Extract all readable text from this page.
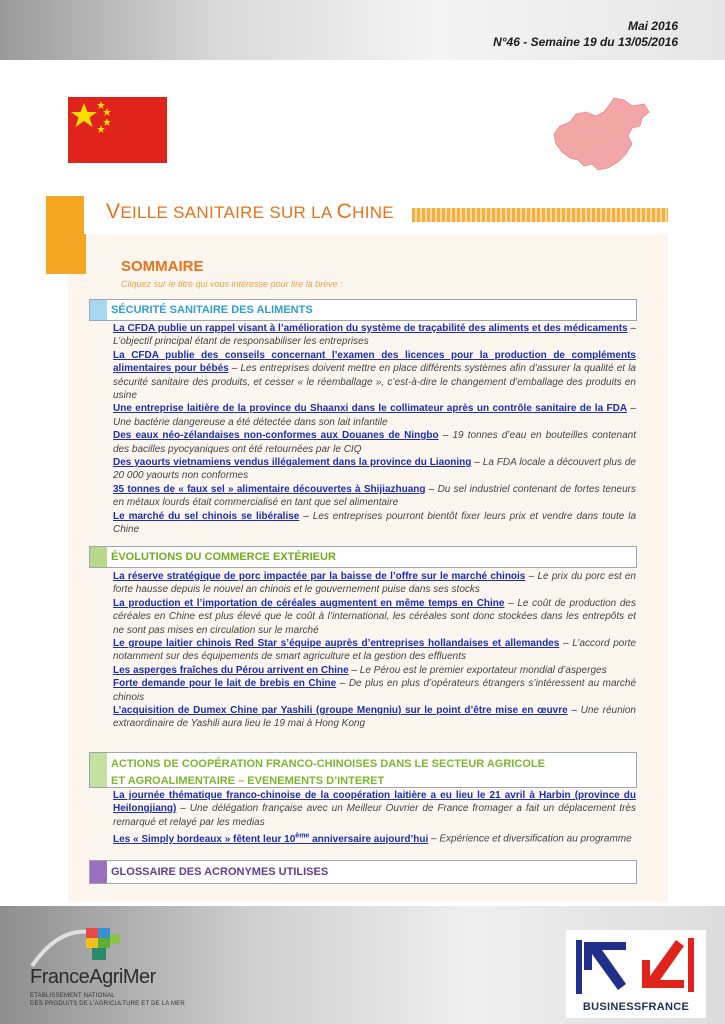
Mai 2016
N°46 - Semaine 19 du 13/05/2016
VEILLE SANITAIRE SUR LA CHINE
SOMMAIRE
Cliquez sur le titre qui vous intéresse pour lire la brève :
SÉCURITÉ SANITAIRE DES ALIMENTS
La CFDA publie un rappel visant à l’amélioration du système de traçabilité des aliments et des médicaments – L’objectif principal étant de responsabiliser les entreprises
La CFDA publie des conseils concernant l’examen des licences pour la production de compléments alimentaires pour bébés – Les entreprises doivent mettre en place différents systèmes afin d’assurer la qualité et la sécurité sanitaire des produits, et cesser « le réemballage », c’est-à-dire le changement d’emballage des produits en usine
Une entreprise laitière de la province du Shaanxi dans le collimateur après un contrôle sanitaire de la FDA – Une bactérie dangereuse a été détectée dans son lait infantile
Des eaux néo-zélandaises non-conformes aux Douanes de Ningbo – 19 tonnes d’eau en bouteilles contenant des bacilles pyocyaniques ont été retournées par le CIQ
Des yaourts vietnamiens vendus illégalement dans la province du Liaoning – La FDA locale a découvert plus de 20 000 yaourts non conformes
35 tonnes de « faux sel » alimentaire découvertes à Shijiazhuang – Du sel industriel contenant de fortes teneurs en métaux lourds était commercialisé en tant que sel alimentaire
Le marché du sel chinois se libéralise – Les entreprises pourront bientôt fixer leurs prix et vendre dans toute la Chine
ÉVOLUTIONS DU COMMERCE EXTÉRIEUR
La réserve stratégique de porc impactée par la baisse de l’offre sur le marché chinois – Le prix du porc est en forte hausse depuis le nouvel an chinois et le gouvernement puise dans ses stocks
La production et l’importation de céréales augmentent en même temps en Chine – Le coût de production des céréales en Chine est plus élevé que le coût à l’international, les céréales sont donc stockées dans les entrepôts et ne sont pas mises en circulation sur le marché
Le groupe laitier chinois Red Star s’équipe auprès d’entreprises hollandaises et allemandes – L’accord porte notamment sur des équipements de smart agriculture et la gestion des effluents
Les asperges fraîches du Pérou arrivent en Chine – Le Pérou est le premier exportateur mondial d’asperges
Forte demande pour le lait de brebis en Chine – De plus en plus d’opérateurs étrangers s’intéressent au marché chinois
L’acquisition de Dumex Chine par Yashili (groupe Mengniu) sur le point d’être mise en œuvre – Une réunion extraordinaire de Yashili aura lieu le 19 mai à Hong Kong
ACTIONS DE COOPÉRATION FRANCO-CHINOISES DANS LE SECTEUR AGRICOLE
ET AGROALIMENTAIRE – EVENEMENTS D’INTERET
La journée thématique franco-chinoise de la coopération laitière a eu lieu le 21 avril à Harbin (province du Heilongjiang) – Une délégation française avec un Meilleur Ouvrier de France fromager a fait un déplacement très remarqué et relayé par les medias
Les « Simply bordeaux » fêtent leur 10ème anniversaire aujourd’hui – Expérience et diversification au programme
GLOSSAIRE DES ACRONYMES UTILISES
FranceAgriMer
ETABLISSEMENT NATIONAL
DES PRODUITS DE L’AGRICULTURE ET DE LA MER	BUSINESSFRANCE
